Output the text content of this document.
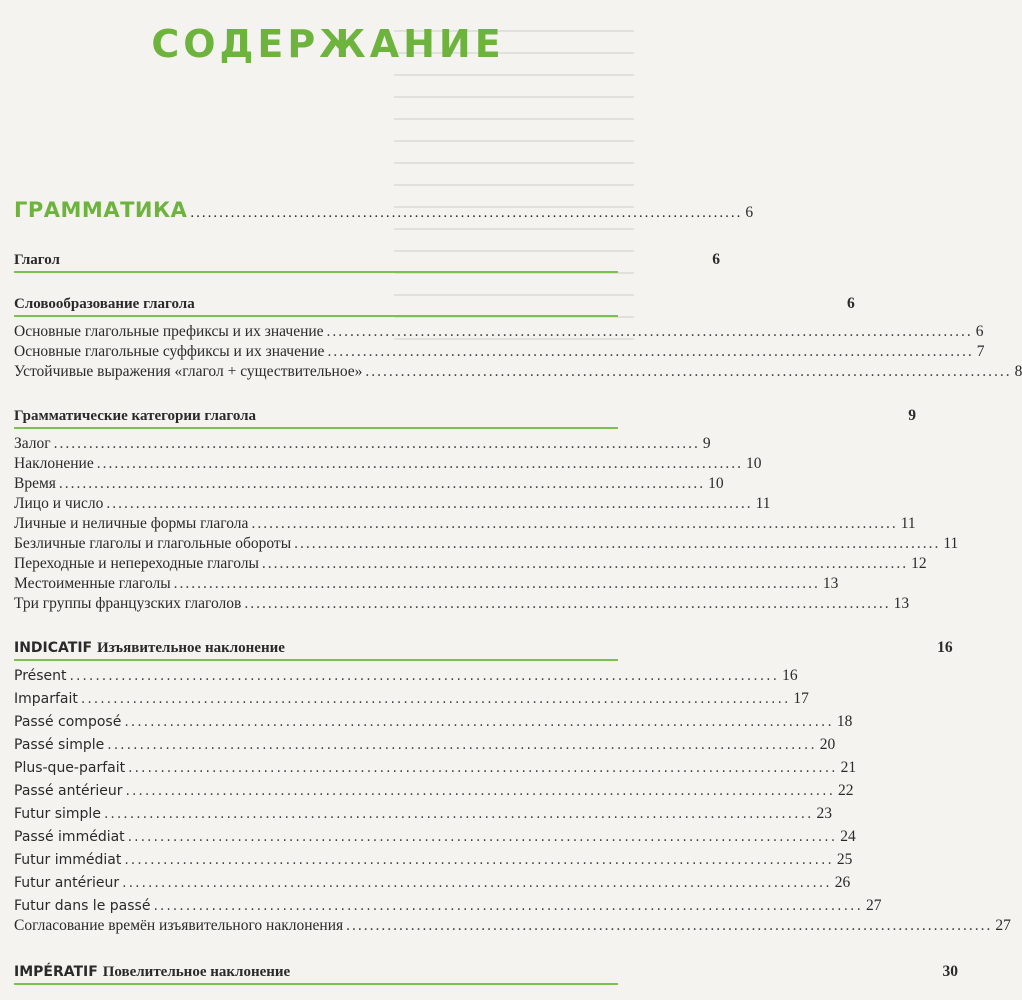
СОДЕРЖАНИЕ
ГРАММАТИКА ................................................................................................ 6
Глагол	6
Словообразование глагола	6
Основные глагольные префиксы и их значение .............................................................................................................. 6
Основные глагольные суффиксы и их значение .............................................................................................................. 7
Устойчивые выражения «глагол + существительное» .............................................................................................................. 8
Грамматические категории глагола	9
Залог .............................................................................................................. 9
Наклонение .............................................................................................................. 10
Время .............................................................................................................. 10
Лицо и число .............................................................................................................. 11
Личные и неличные формы глагола .............................................................................................................. 11
Безличные глаголы и глагольные обороты .............................................................................................................. 11
Переходные и непереходные глаголы .............................................................................................................. 12
Местоименные глаголы .............................................................................................................. 13
Три группы французских глаголов .............................................................................................................. 13
INDICATIF Изъявительное наклонение	16
Présent .............................................................................................................. 16
Imparfait .............................................................................................................. 17
Passé composé .............................................................................................................. 18
Passé simple .............................................................................................................. 20
Plus-que-parfait .............................................................................................................. 21
Passé antérieur .............................................................................................................. 22
Futur simple .............................................................................................................. 23
Passé immédiat .............................................................................................................. 24
Futur immédiat .............................................................................................................. 25
Futur antérieur .............................................................................................................. 26
Futur dans le passé .............................................................................................................. 27
Согласование времён изъявительного наклонения .............................................................................................................. 27
IMPÉRATIF Повелительное наклонение	30
